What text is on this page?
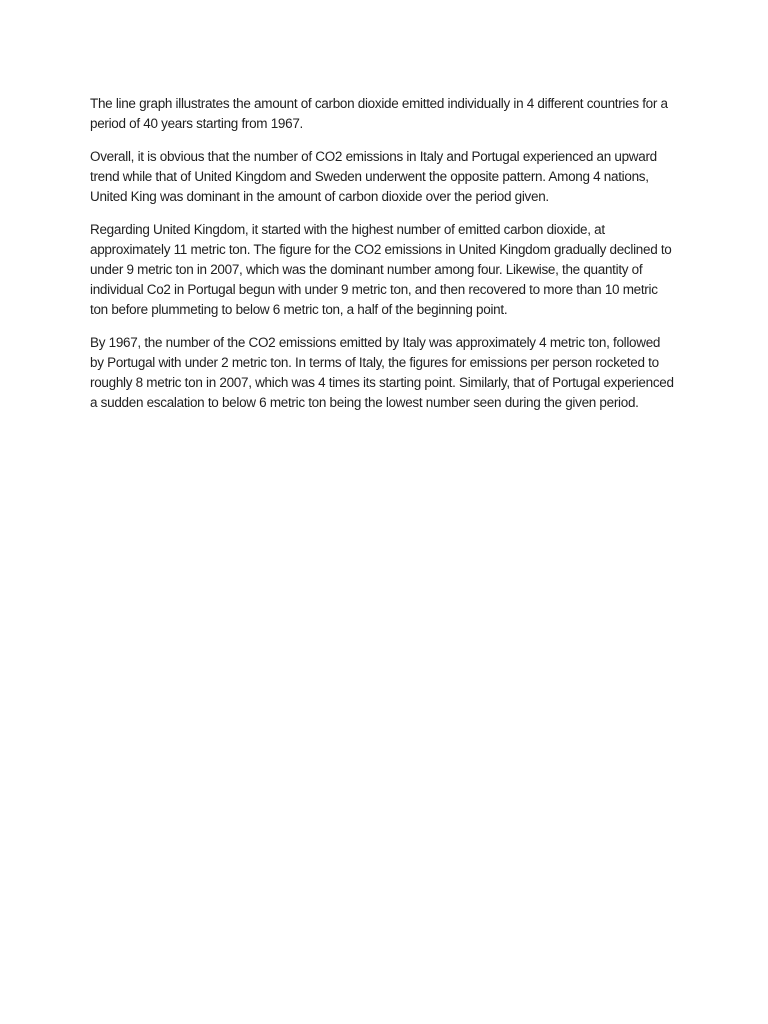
The line graph illustrates the amount of carbon dioxide emitted individually in 4 different countries for a period of 40 years starting from 1967.

Overall, it is obvious that the number of CO2 emissions in Italy and Portugal experienced an upward trend while that of United Kingdom and Sweden underwent the opposite pattern. Among 4 nations, United King was dominant in the amount of carbon dioxide over the period given.

Regarding United Kingdom, it started with the highest number of emitted carbon dioxide, at approximately 11 metric ton. The figure for the CO2 emissions in United Kingdom gradually declined to under 9 metric ton in 2007, which was the dominant number among four. Likewise, the quantity of individual Co2 in Portugal begun with under 9 metric ton, and then recovered to more than 10 metric ton before plummeting to below 6 metric ton, a half of the beginning point.

By 1967, the number of the CO2 emissions emitted by Italy was approximately 4 metric ton, followed by Portugal with under 2 metric ton. In terms of Italy, the figures for emissions per person rocketed to roughly 8 metric ton in 2007, which was 4 times its starting point. Similarly, that of Portugal experienced a sudden escalation to below 6 metric ton being the lowest number seen during the given period.
